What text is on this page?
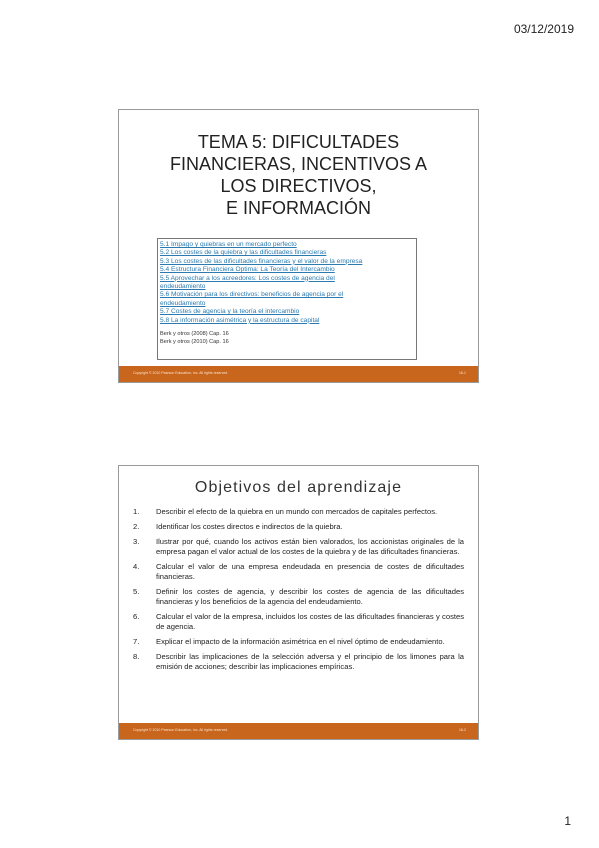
03/12/2019
TEMA 5: DIFICULTADES
FINANCIERAS, INCENTIVOS A
LOS DIRECTIVOS,
E INFORMACIÓN
5.1 Impago y quiebras en un mercado perfecto
5.2 Los costes de la quiebra y las dificultades financieras
5.3 Los costes de las dificultades financieras y el valor de la empresa
5.4 Estructura Financiera Optima: La Teoría del Intercambio
5.5 Aprovechar a los acreedores: Los costes de agencia del
endeudamiento
5.6 Motivación para los directivos: beneficios de agencia por el
endeudamiento
5.7 Costes de agencia y la teoría el intercambio
5.8 La información asimétrica y la estructura de capital
Berk y otros (2008) Cap. 16
Berk y otros (2010) Cap. 16
Copyright © 2010 Pearson Education, Inc. All rights reserved.	16-1
Objetivos del aprendizaje
1. Describir el efecto de la quiebra en un mundo con mercados de capitales perfectos.
2. Identificar los costes directos e indirectos de la quiebra.
3. Ilustrar por qué, cuando los activos están bien valorados, los accionistas originales de la empresa pagan el valor actual de los costes de la quiebra y de las dificultades financieras.
4. Calcular el valor de una empresa endeudada en presencia de costes de dificultades financieras.
5. Definir los costes de agencia, y describir los costes de agencia de las dificultades financieras y los beneficios de la agencia del endeudamiento.
6. Calcular el valor de la empresa, incluidos los costes de las dificultades financieras y costes de agencia.
7. Explicar el impacto de la información asimétrica en el nivel óptimo de endeudamiento.
8. Describir las implicaciones de la selección adversa y el principio de los limones para la emisión de acciones; describir las implicaciones empíricas.
Copyright © 2010 Pearson Education, Inc. All rights reserved.	16-2
1
